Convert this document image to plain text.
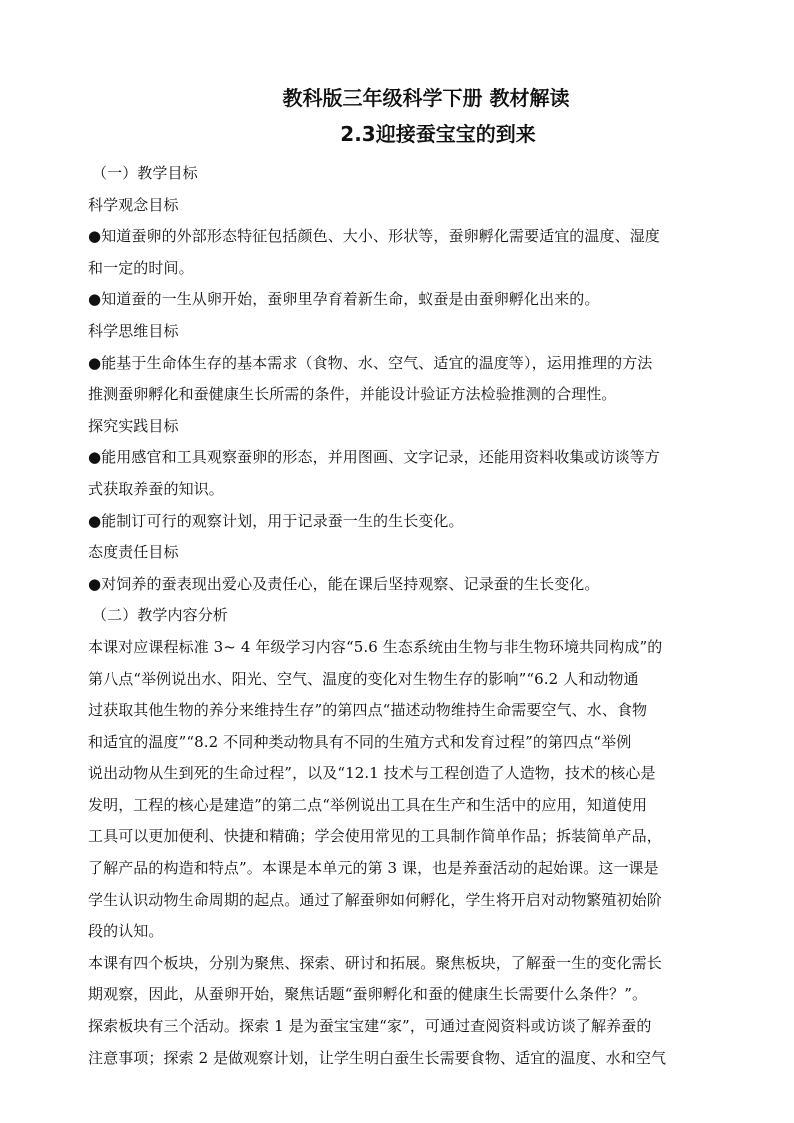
教科版三年级科学下册 教材解读
2.3迎接蚕宝宝的到来
（一）教学目标
科学观念目标
●知道蚕卵的外部形态特征包括颜色、大小、形状等，蚕卵孵化需要适宜的温度、湿度
和一定的时间。
●知道蚕的一生从卵开始，蚕卵里孕育着新生命，蚁蚕是由蚕卵孵化出来的。
科学思维目标
●能基于生命体生存的基本需求（食物、水、空气、适宜的温度等），运用推理的方法
推测蚕卵孵化和蚕健康生长所需的条件，并能设计验证方法检验推测的合理性。
探究实践目标
●能用感官和工具观察蚕卵的形态，并用图画、文字记录，还能用资料收集或访谈等方
式获取养蚕的知识。
●能制订可行的观察计划，用于记录蚕一生的生长变化。
态度责任目标
●对饲养的蚕表现出爱心及责任心，能在课后坚持观察、记录蚕的生长变化。
（二）教学内容分析
本课对应课程标准 3~ 4 年级学习内容“5.6 生态系统由生物与非生物环境共同构成”的
第八点“举例说出水、阳光、空气、温度的变化对生物生存的影响”“6.2 人和动物通
过获取其他生物的养分来维持生存”的第四点“描述动物维持生命需要空气、水、食物
和适宜的温度”“8.2 不同种类动物具有不同的生殖方式和发育过程”的第四点“举例
说出动物从生到死的生命过程”，以及“12.1 技术与工程创造了人造物，技术的核心是
发明，工程的核心是建造”的第二点“举例说出工具在生产和生活中的应用，知道使用
工具可以更加便利、快捷和精确；学会使用常见的工具制作简单作品；拆装简单产品，
了解产品的构造和特点”。本课是本单元的第 3 课，也是养蚕活动的起始课。这一课是
学生认识动物生命周期的起点。通过了解蚕卵如何孵化，学生将开启对动物繁殖初始阶
段的认知。
本课有四个板块，分别为聚焦、探索、研讨和拓展。聚焦板块，了解蚕一生的变化需长
期观察，因此，从蚕卵开始，聚焦话题“蚕卵孵化和蚕的健康生长需要什么条件？”。
探索板块有三个活动。探索 1 是为蚕宝宝建“家”，可通过查阅资料或访谈了解养蚕的
注意事项；探索 2 是做观察计划，让学生明白蚕生长需要食物、适宜的温度、水和空气
